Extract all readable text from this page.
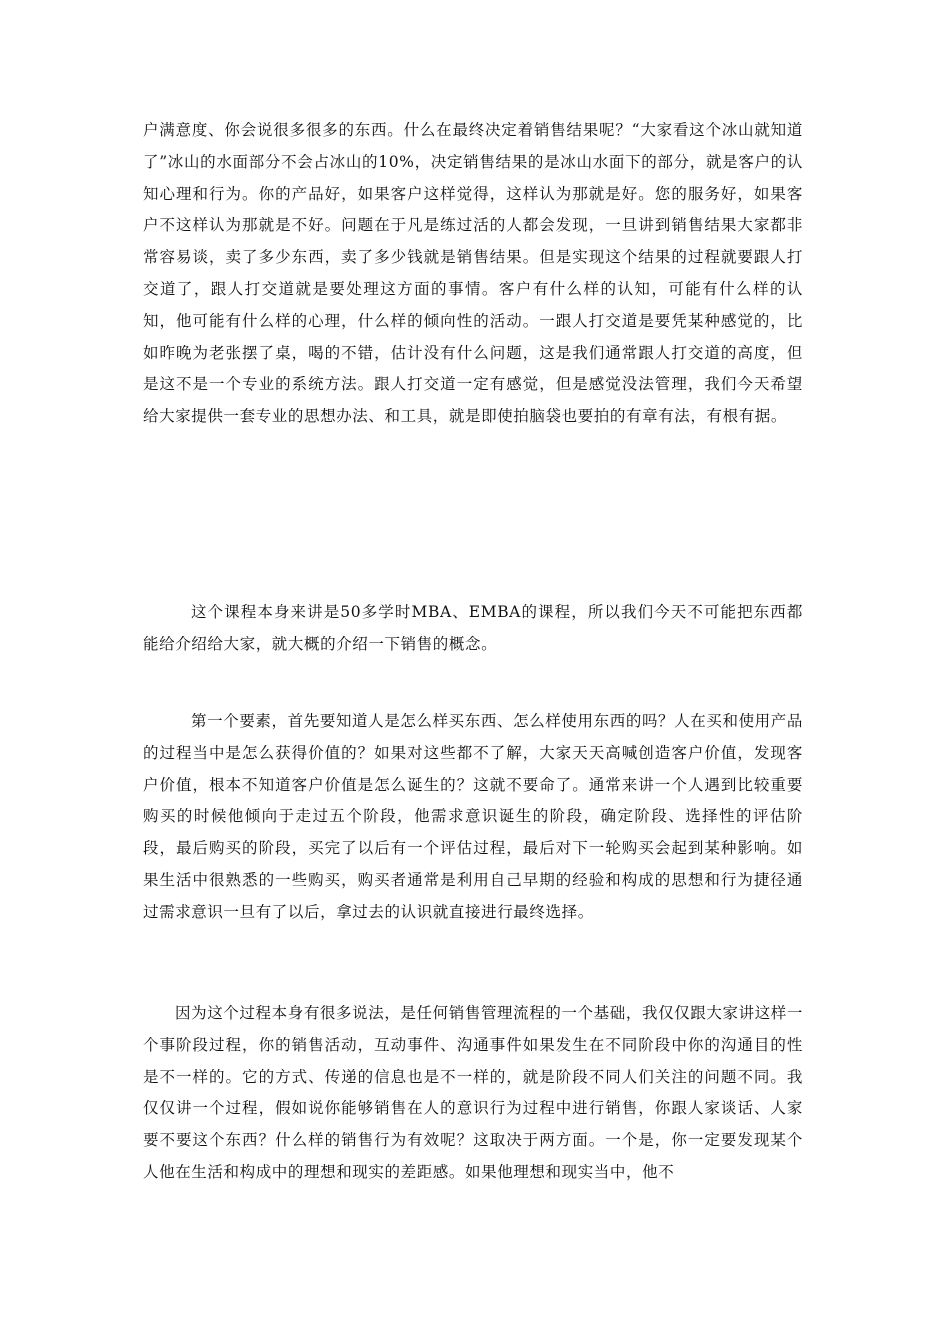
户满意度、你会说很多很多的东西。什么在最终决定着销售结果呢？“大家看这个冰山就知道了”冰山的水面部分不会占冰山的10%，决定销售结果的是冰山水面下的部分，就是客户的认知心理和行为。你的产品好，如果客户这样觉得，这样认为那就是好。您的服务好，如果客户不这样认为那就是不好。问题在于凡是练过活的人都会发现，一旦讲到销售结果大家都非常容易谈，卖了多少东西，卖了多少钱就是销售结果。但是实现这个结果的过程就要跟人打交道了，跟人打交道就是要处理这方面的事情。客户有什么样的认知，可能有什么样的认知，他可能有什么样的心理，什么样的倾向性的活动。一跟人打交道是要凭某种感觉的，比如昨晚为老张摆了桌，喝的不错，估计没有什么问题，这是我们通常跟人打交道的高度，但是这不是一个专业的系统方法。跟人打交道一定有感觉，但是感觉没法管理，我们今天希望给大家提供一套专业的思想办法、和工具，就是即使拍脑袋也要拍的有章有法，有根有据。

这个课程本身来讲是50多学时MBA、EMBA的课程，所以我们今天不可能把东西都能给介绍给大家，就大概的介绍一下销售的概念。

第一个要素，首先要知道人是怎么样买东西、怎么样使用东西的吗？人在买和使用产品的过程当中是怎么获得价值的？如果对这些都不了解，大家天天高喊创造客户价值，发现客户价值，根本不知道客户价值是怎么诞生的？这就不要命了。通常来讲一个人遇到比较重要购买的时候他倾向于走过五个阶段，他需求意识诞生的阶段，确定阶段、选择性的评估阶段，最后购买的阶段，买完了以后有一个评估过程，最后对下一轮购买会起到某种影响。如果生活中很熟悉的一些购买，购买者通常是利用自己早期的经验和构成的思想和行为捷径通过需求意识一旦有了以后，拿过去的认识就直接进行最终选择。

因为这个过程本身有很多说法，是任何销售管理流程的一个基础，我仅仅跟大家讲这样一个事阶段过程，你的销售活动，互动事件、沟通事件如果发生在不同阶段中你的沟通目的性是不一样的。它的方式、传递的信息也是不一样的，就是阶段不同人们关注的问题不同。我仅仅讲一个过程，假如说你能够销售在人的意识行为过程中进行销售，你跟人家谈话、人家要不要这个东西？什么样的销售行为有效呢？这取决于两方面。一个是，你一定要发现某个人他在生活和构成中的理想和现实的差距感。如果他理想和现实当中，他不
